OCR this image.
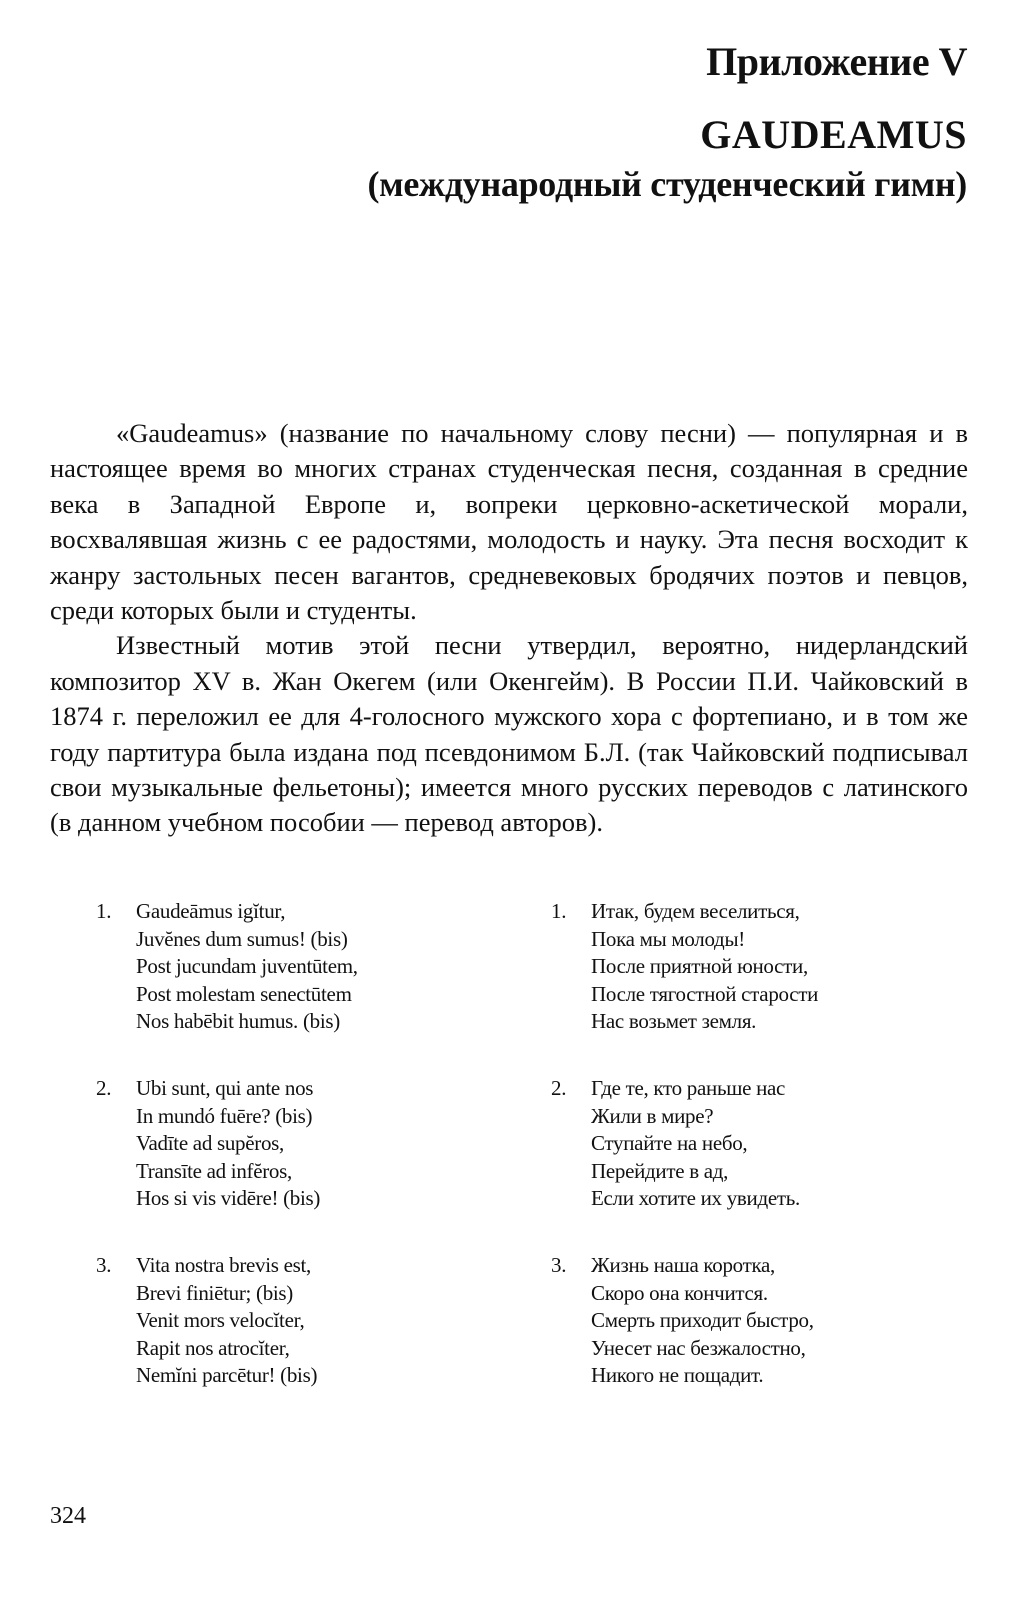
Приложение V
GAUDEAMUS
(международный студенческий гимн)

«Gaudeamus» (название по начальному слову песни) — популярная и в настоящее время во многих странах студенческая песня, созданная в средние века в Западной Европе и, вопреки церковно-аскетической морали, восхвалявшая жизнь с ее радостями, молодость и науку. Эта песня восходит к жанру застольных песен вагантов, средневековых бродячих поэтов и певцов, среди которых были и студенты.

Известный мотив этой песни утвердил, вероятно, нидерландский композитор XV в. Жан Окегем (или Окенгейм). В России П.И. Чайковский в 1874 г. переложил ее для 4-голосного мужского хора с фортепиано, и в том же году партитура была издана под псевдонимом Б.Л. (так Чайковский подписывал свои музыкальные фельетоны); имеется много русских переводов с латинского (в данном учебном пособии — перевод авторов).

1.	Gaudeāmus igĭtur,
Juvĕnes dum sumus! (bis)
Post jucundam juventūtem,
Post molestam senectūtem
Nos habēbit humus. (bis)
1.	Итак, будем веселиться,
Пока мы молоды!
После приятной юности,
После тягостной старости
Нас возьмет земля.
2.	Ubi sunt, qui ante nos
In mundó fuēre? (bis)
Vadīte ad supĕros,
Transīte ad infĕros,
Hos si vis vidēre! (bis)
2.	Где те, кто раньше нас
Жили в мире?
Ступайте на небо,
Перейдите в ад,
Если хотите их увидеть.
3.	Vita nostra brevis est,
Brevi finiētur; (bis)
Venit mors velocĭter,
Rapit nos atrocĭter,
Nemĭni parcētur! (bis)
3.	Жизнь наша коротка,
Скоро она кончится.
Смерть приходит быстро,
Унесет нас безжалостно,
Никого не пощадит.
324
